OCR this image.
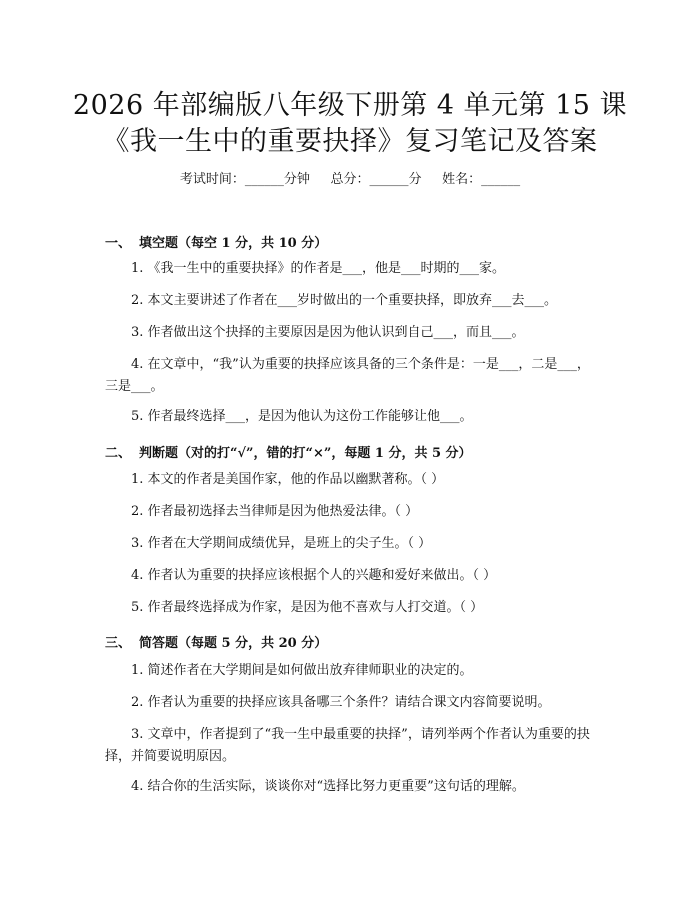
2026 年部编版八年级下册第 4 单元第 15 课
《我一生中的重要抉择》复习笔记及答案
考试时间：______分钟     总分：______分     姓名：______
一、 填空题（每空 1 分，共 10 分）
1. 《我一生中的重要抉择》的作者是___，他是___时期的___家。
2. 本文主要讲述了作者在___岁时做出的一个重要抉择，即放弃___去___。
3. 作者做出这个抉择的主要原因是因为他认识到自己___，而且___。
4. 在文章中，“我”认为重要的抉择应该具备的三个条件是：一是___，二是___，三是___。
5. 作者最终选择___，是因为他认为这份工作能够让他___。
二、 判断题（对的打“√”，错的打“×”，每题 1 分，共 5 分）
1. 本文的作者是美国作家，他的作品以幽默著称。（ ）
2. 作者最初选择去当律师是因为他热爱法律。（ ）
3. 作者在大学期间成绩优异，是班上的尖子生。（ ）
4. 作者认为重要的抉择应该根据个人的兴趣和爱好来做出。（ ）
5. 作者最终选择成为作家，是因为他不喜欢与人打交道。（ ）
三、 简答题（每题 5 分，共 20 分）
1. 简述作者在大学期间是如何做出放弃律师职业的决定的。
2. 作者认为重要的抉择应该具备哪三个条件？请结合课文内容简要说明。
3. 文章中，作者提到了“我一生中最重要的抉择”，请列举两个作者认为重要的抉择，并简要说明原因。
4. 结合你的生活实际，谈谈你对“选择比努力更重要”这句话的理解。
